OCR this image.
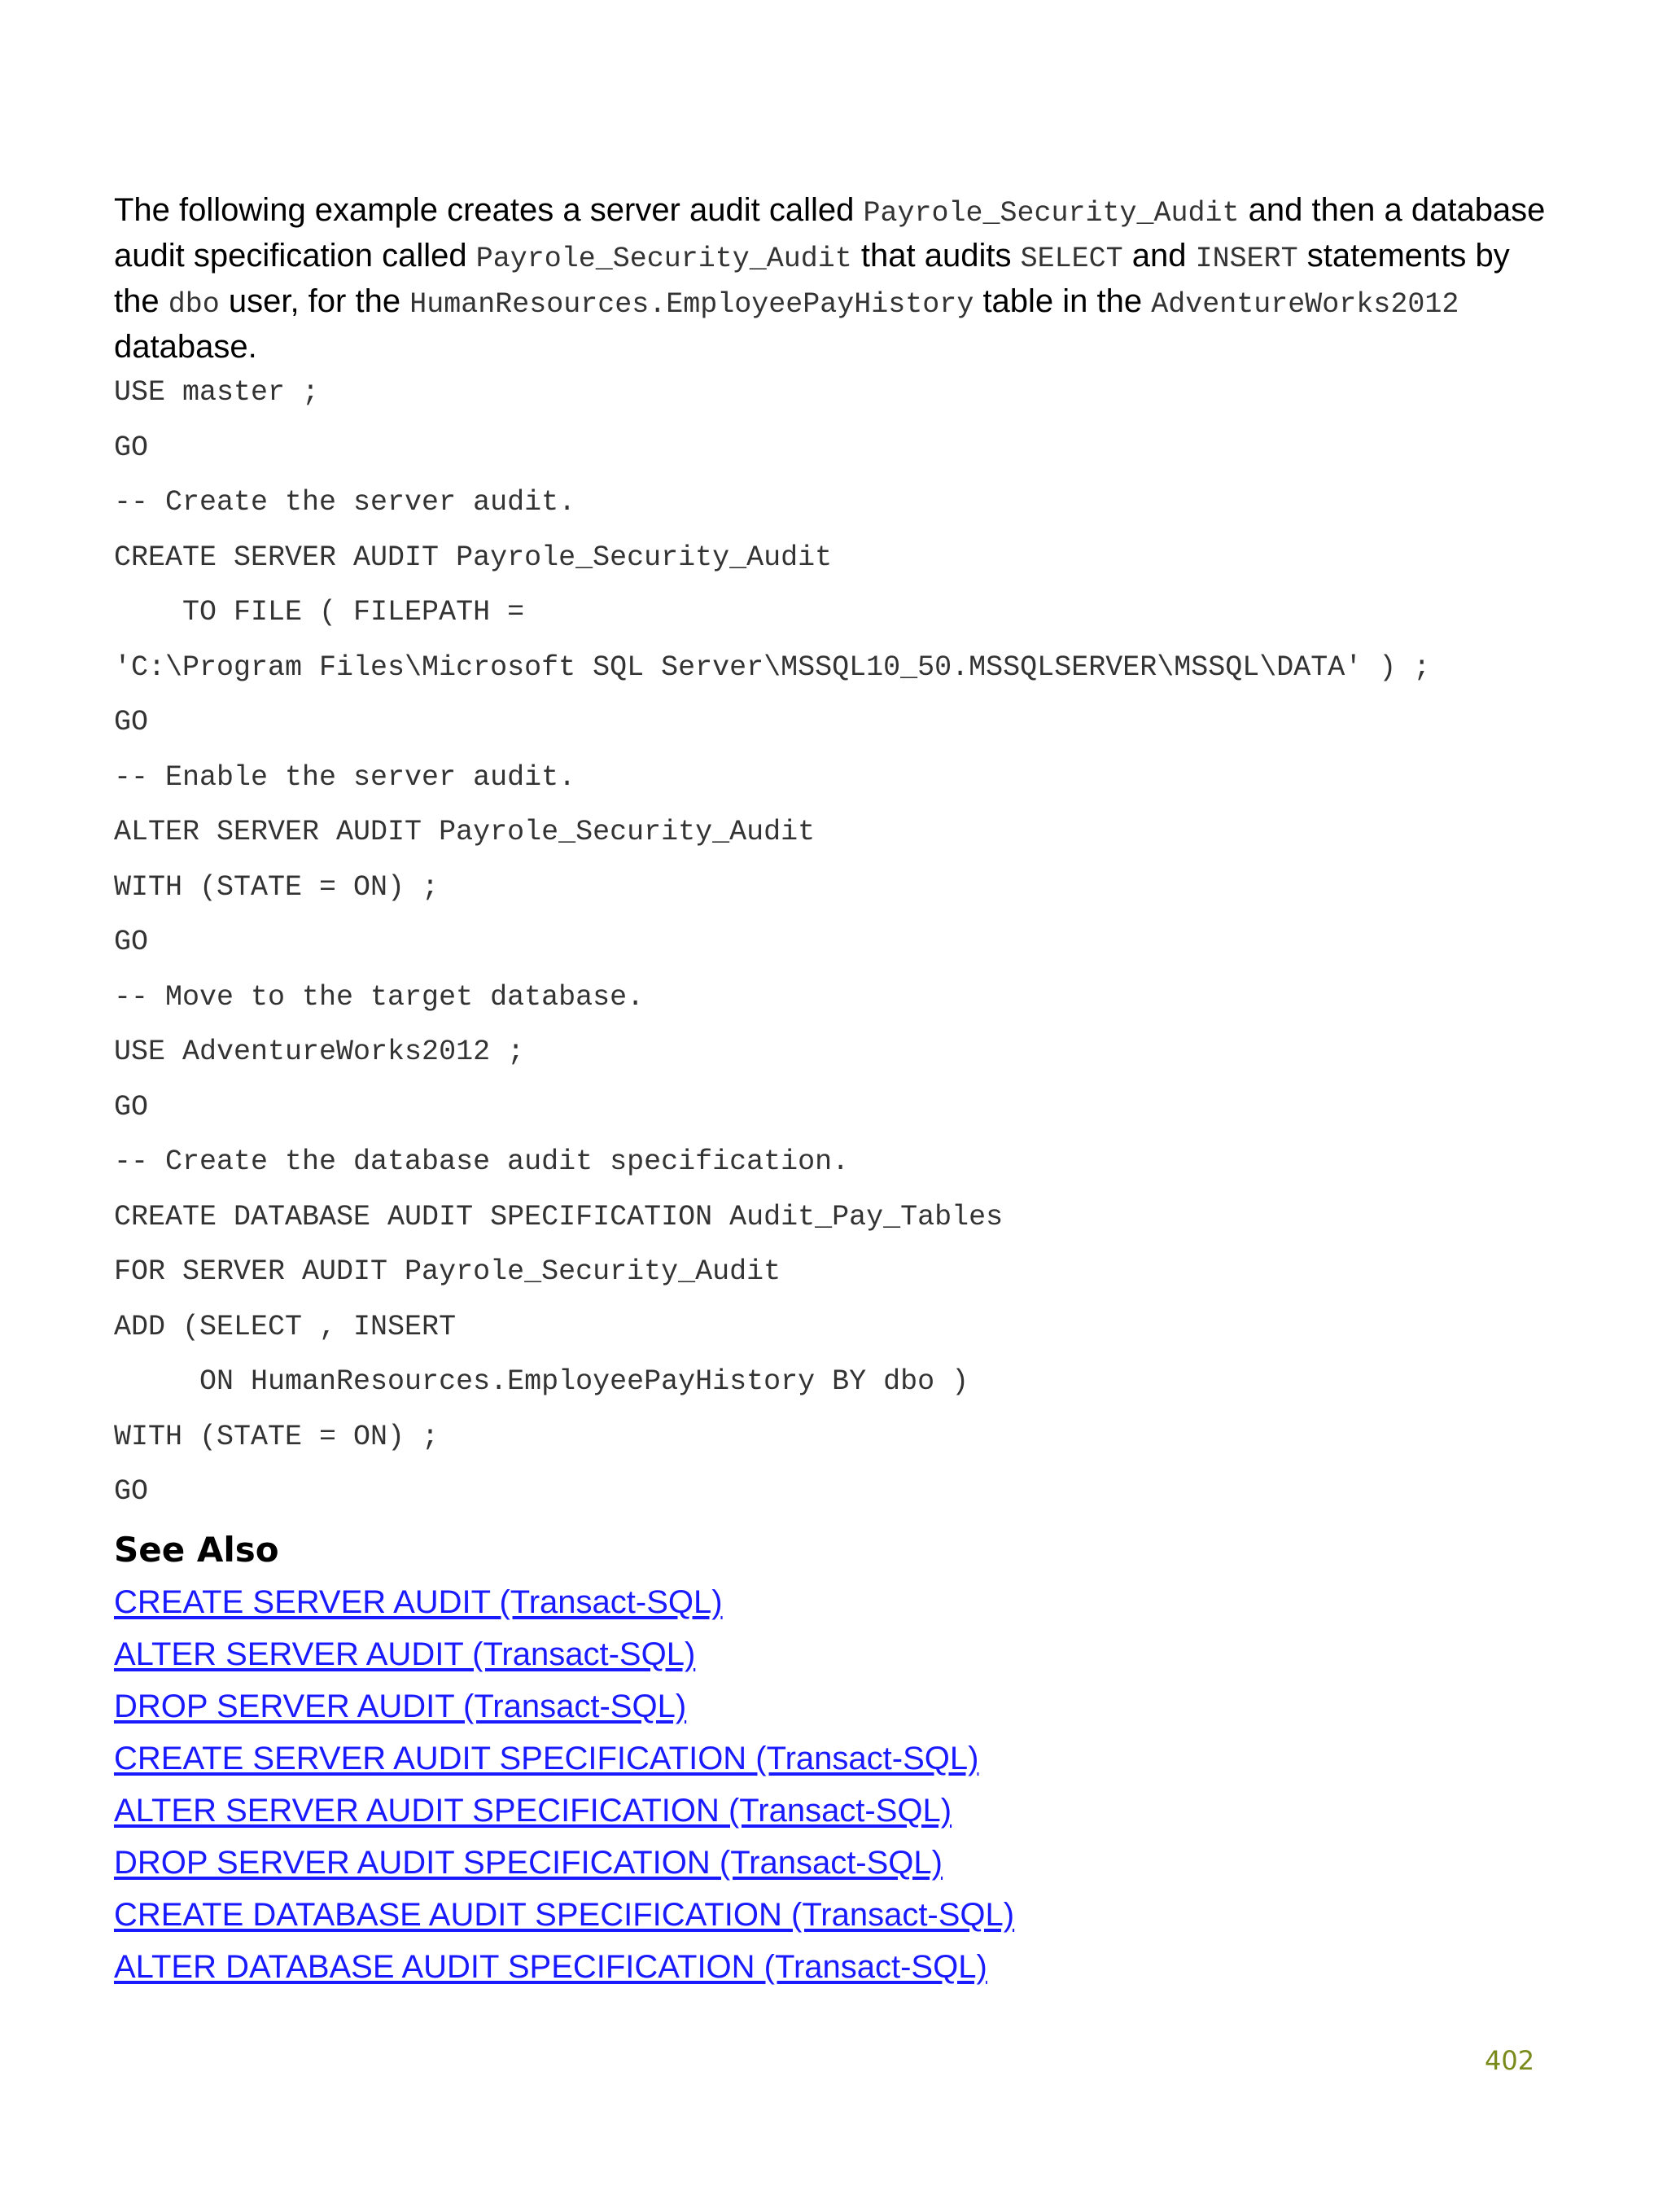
The following example creates a server audit called Payrole_Security_Audit and then a database audit specification called Payrole_Security_Audit that audits SELECT and INSERT statements by the dbo user, for the HumanResources.EmployeePayHistory table in the AdventureWorks2012 database.

USE master ;
GO
-- Create the server audit.
CREATE SERVER AUDIT Payrole_Security_Audit
TO FILE ( FILEPATH =
'C:\Program Files\Microsoft SQL Server\MSSQL10_50.MSSQLSERVER\MSSQL\DATA' ) ;
GO
-- Enable the server audit.
ALTER SERVER AUDIT Payrole_Security_Audit
WITH (STATE = ON) ;
GO
-- Move to the target database.
USE AdventureWorks2012 ;
GO
-- Create the database audit specification.
CREATE DATABASE AUDIT SPECIFICATION Audit_Pay_Tables
FOR SERVER AUDIT Payrole_Security_Audit
ADD (SELECT , INSERT
ON HumanResources.EmployeePayHistory BY dbo )
WITH (STATE = ON) ;
GO
See Also
CREATE SERVER AUDIT (Transact-SQL)
ALTER SERVER AUDIT (Transact-SQL)
DROP SERVER AUDIT (Transact-SQL)
CREATE SERVER AUDIT SPECIFICATION (Transact-SQL)
ALTER SERVER AUDIT SPECIFICATION (Transact-SQL)
DROP SERVER AUDIT SPECIFICATION (Transact-SQL)
CREATE DATABASE AUDIT SPECIFICATION (Transact-SQL)
ALTER DATABASE AUDIT SPECIFICATION (Transact-SQL)
402
